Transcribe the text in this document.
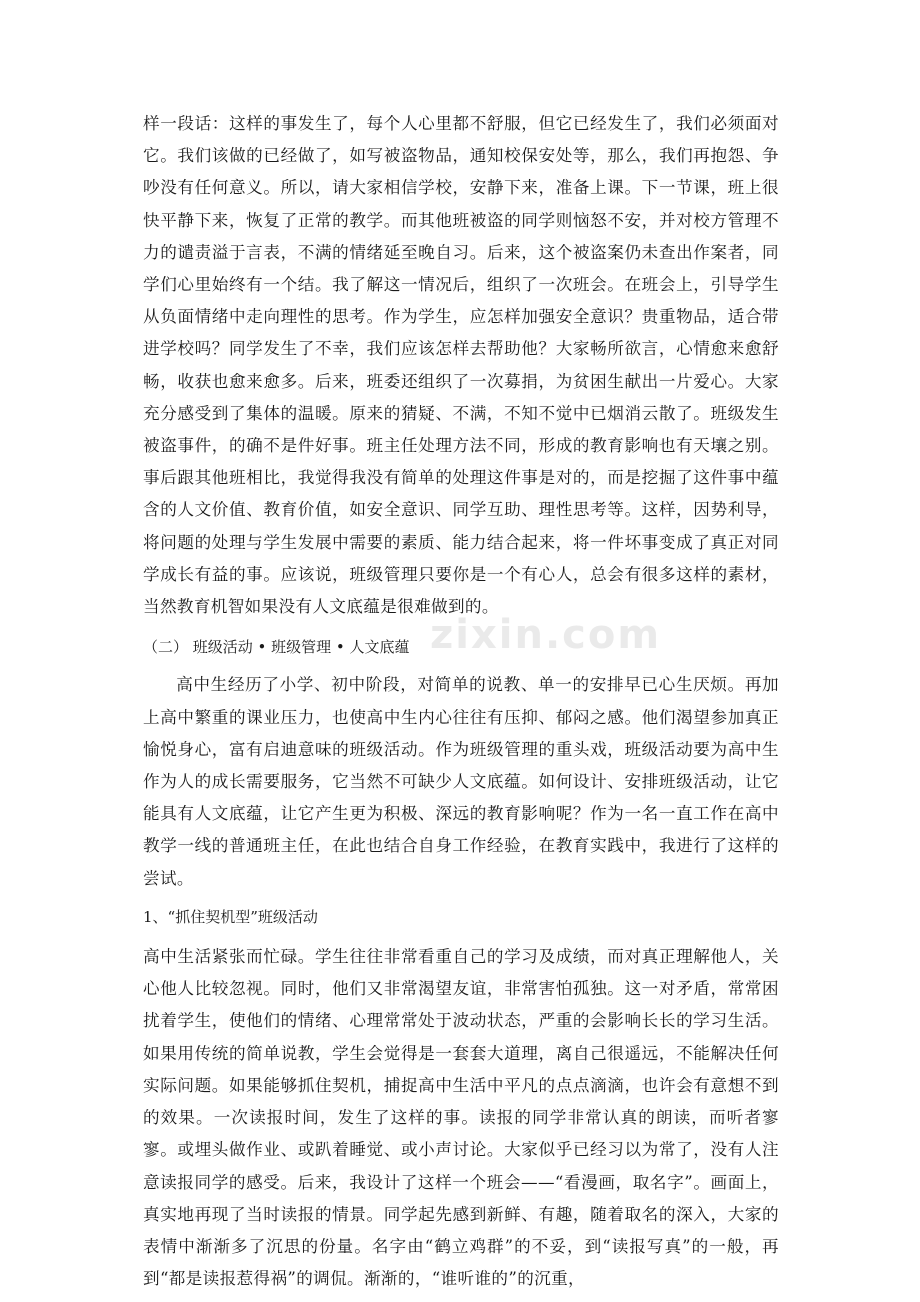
zixin.com

样一段话：这样的事发生了，每个人心里都不舒服，但它已经发生了，我们必须面对它。我们该做的已经做了，如写被盗物品，通知校保安处等，那么，我们再抱怨、争吵没有任何意义。所以，请大家相信学校，安静下来，准备上课。下一节课，班上很快平静下来，恢复了正常的教学。而其他班被盗的同学则恼怒不安，并对校方管理不力的谴责溢于言表，不满的情绪延至晚自习。后来，这个被盗案仍未查出作案者，同学们心里始终有一个结。我了解这一情况后，组织了一次班会。在班会上，引导学生从负面情绪中走向理性的思考。作为学生，应怎样加强安全意识？贵重物品，适合带进学校吗？同学发生了不幸，我们应该怎样去帮助他？大家畅所欲言，心情愈来愈舒畅，收获也愈来愈多。后来，班委还组织了一次募捐，为贫困生献出一片爱心。大家充分感受到了集体的温暖。原来的猜疑、不满，不知不觉中已烟消云散了。班级发生被盗事件，的确不是件好事。班主任处理方法不同，形成的教育影响也有天壤之别。事后跟其他班相比，我觉得我没有简单的处理这件事是对的，而是挖掘了这件事中蕴含的人文价值、教育价值，如安全意识、同学互助、理性思考等。这样，因势利导，将问题的处理与学生发展中需要的素质、能力结合起来，将一件坏事变成了真正对同学成长有益的事。应该说，班级管理只要你是一个有心人，总会有很多这样的素材，当然教育机智如果没有人文底蕴是很难做到的。

（二） 班级活动 • 班级管理 • 人文底蕴

高中生经历了小学、初中阶段，对简单的说教、单一的安排早已心生厌烦。再加上高中繁重的课业压力，也使高中生内心往往有压抑、郁闷之感。他们渴望参加真正愉悦身心，富有启迪意味的班级活动。作为班级管理的重头戏，班级活动要为高中生作为人的成长需要服务，它当然不可缺少人文底蕴。如何设计、安排班级活动，让它能具有人文底蕴，让它产生更为积极、深远的教育影响呢？作为一名一直工作在高中教学一线的普通班主任，在此也结合自身工作经验，在教育实践中，我进行了这样的尝试。

1、“抓住契机型”班级活动

高中生活紧张而忙碌。学生往往非常看重自己的学习及成绩，而对真正理解他人，关心他人比较忽视。同时，他们又非常渴望友谊，非常害怕孤独。这一对矛盾，常常困扰着学生，使他们的情绪、心理常常处于波动状态，严重的会影响长长的学习生活。如果用传统的简单说教，学生会觉得是一套套大道理，离自己很遥远，不能解决任何实际问题。如果能够抓住契机，捕捉高中生活中平凡的点点滴滴，也许会有意想不到的效果。一次读报时间，发生了这样的事。读报的同学非常认真的朗读，而听者寥寥。或埋头做作业、或趴着睡觉、或小声讨论。大家似乎已经习以为常了，没有人注意读报同学的感受。后来，我设计了这样一个班会——“看漫画，取名字”。画面上，真实地再现了当时读报的情景。同学起先感到新鲜、有趣，随着取名的深入，大家的表情中渐渐多了沉思的份量。名字由“鹤立鸡群”的不妥，到“读报写真”的一般，再到“都是读报惹得祸”的调侃。渐渐的，“谁听谁的”的沉重，
